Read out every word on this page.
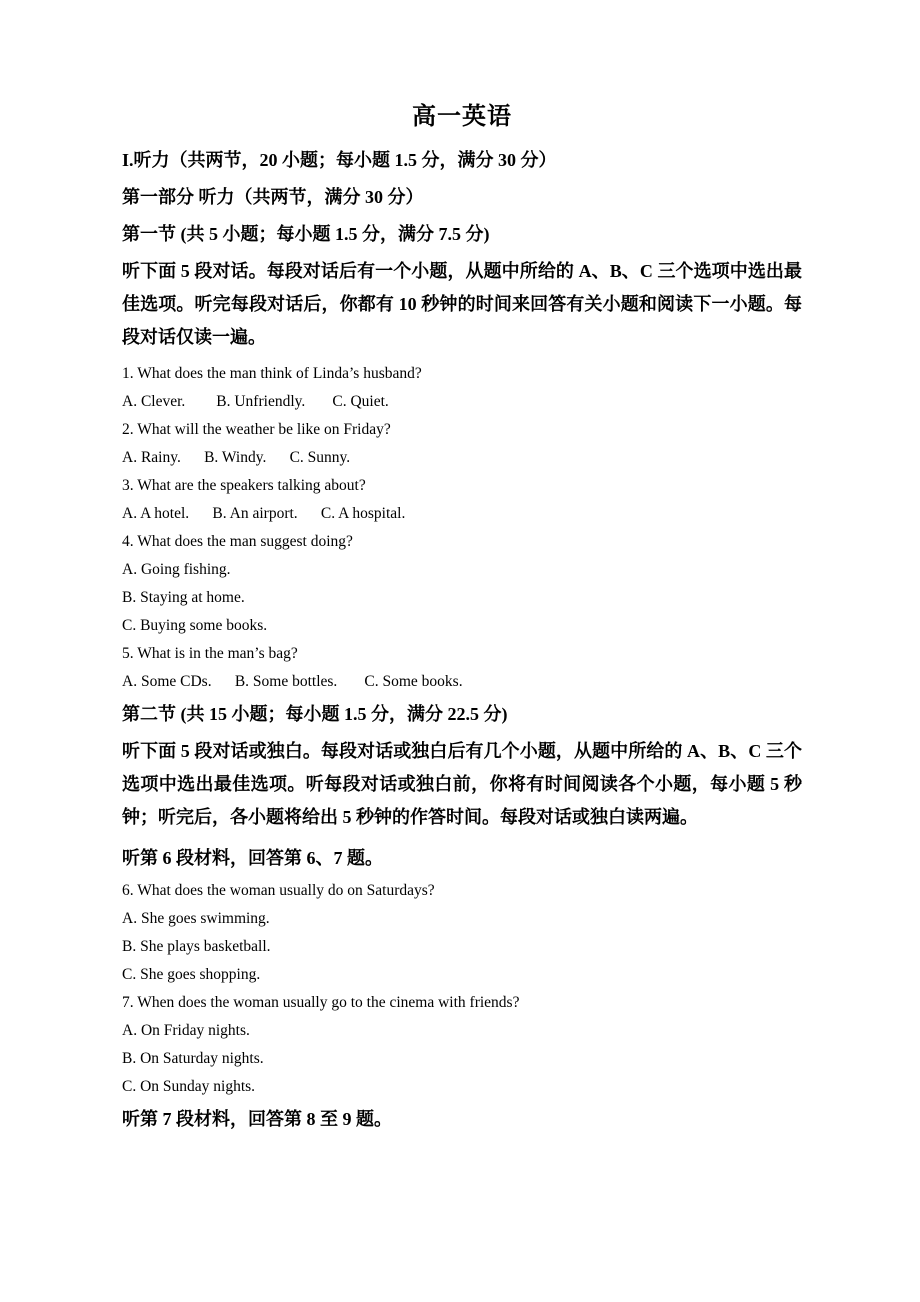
高一英语
I.听力（共两节，20 小题；每小题 1.5 分，满分 30 分）
第一部分 听力（共两节，满分 30 分）
第一节 (共 5 小题；每小题 1.5 分，满分 7.5 分)
听下面 5 段对话。每段对话后有一个小题，从题中所给的 A、B、C 三个选项中选出最佳选项。听完每段对话后，你都有 10 秒钟的时间来回答有关小题和阅读下一小题。每段对话仅读一遍。
1. What does the man think of Linda’s husband?
A. Clever.        B. Unfriendly.       C. Quiet.
2. What will the weather be like on Friday?
A. Rainy.      B. Windy.      C. Sunny.
3. What are the speakers talking about?
A. A hotel.      B. An airport.      C. A hospital.
4. What does the man suggest doing?
A. Going fishing.
B. Staying at home.
C. Buying some books.
5. What is in the man’s bag?
A. Some CDs.      B. Some bottles.       C. Some books.
第二节 (共 15 小题；每小题 1.5 分，满分 22.5 分)
听下面 5 段对话或独白。每段对话或独白后有几个小题，从题中所给的 A、B、C 三个选项中选出最佳选项。听每段对话或独白前，你将有时间阅读各个小题，每小题 5 秒钟；听完后，各小题将给出 5 秒钟的作答时间。每段对话或独白读两遍。
听第 6 段材料，回答第 6、7 题。
6. What does the woman usually do on Saturdays?
A. She goes swimming.
B. She plays basketball.
C. She goes shopping.
7. When does the woman usually go to the cinema with friends?
A. On Friday nights.
B. On Saturday nights.
C. On Sunday nights.
听第 7 段材料，回答第 8 至 9 题。
